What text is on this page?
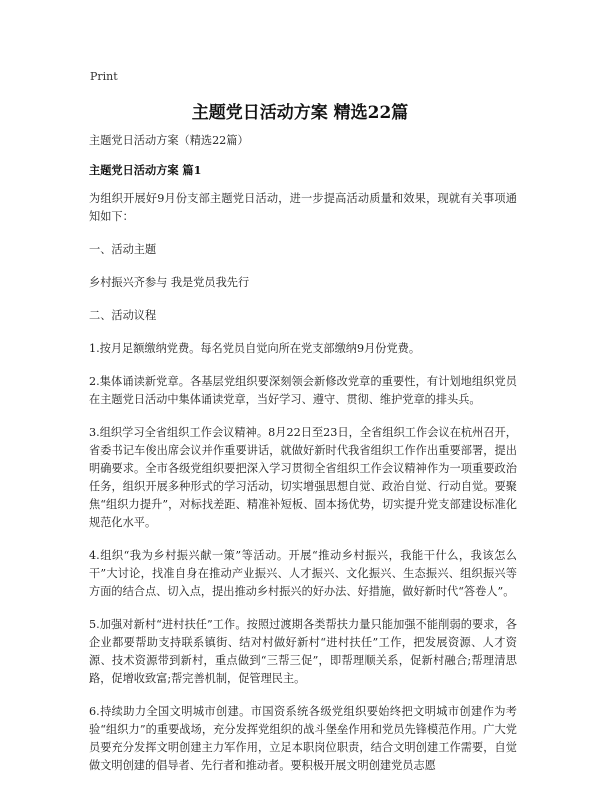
Print
主题党日活动方案 精选22篇

主题党日活动方案（精选22篇）

主题党日活动方案 篇1

为组织开展好9月份支部主题党日活动，进一步提高活动质量和效果，现就有关事项通知如下：

一、活动主题

乡村振兴齐参与 我是党员我先行

二、活动议程

1.按月足额缴纳党费。每名党员自觉向所在党支部缴纳9月份党费。

2.集体诵读新党章。各基层党组织要深刻领会新修改党章的重要性，有计划地组织党员在主题党日活动中集体诵读党章，当好学习、遵守、贯彻、维护党章的排头兵。

3.组织学习全省组织工作会议精神。8月22日至23日，全省组织工作会议在杭州召开，省委书记车俊出席会议并作重要讲话，就做好新时代我省组织工作作出重要部署，提出明确要求。全市各级党组织要把深入学习贯彻全省组织工作会议精神作为一项重要政治任务，组织开展多种形式的学习活动，切实增强思想自觉、政治自觉、行动自觉。要聚焦“组织力提升”，对标找差距、精准补短板、固本扬优势，切实提升党支部建设标准化规范化水平。

4.组织“我为乡村振兴献一策”等活动。开展“推动乡村振兴，我能干什么，我该怎么干”大讨论，找准自身在推动产业振兴、人才振兴、文化振兴、生态振兴、组织振兴等方面的结合点、切入点，提出推动乡村振兴的好办法、好措施，做好新时代“答卷人”。

5.加强对新村“进村扶任”工作。按照过渡期各类帮扶力量只能加强不能削弱的要求，各企业都要帮助支持联系镇街、结对村做好新村“进村扶任”工作，把发展资源、人才资源、技术资源带到新村，重点做到“三帮三促”，即帮理顺关系，促新村融合;帮理清思路，促增收致富;帮完善机制，促管理民主。

6.持续助力全国文明城市创建。市国资系统各级党组织要始终把文明城市创建作为考验“组织力”的重要战场，充分发挥党组织的战斗堡垒作用和党员先锋模范作用。广大党员要充分发挥文明创建主力军作用，立足本职岗位职责，结合文明创建工作需要，自觉做文明创建的倡导者、先行者和推动者。要积极开展文明创建党员志愿
